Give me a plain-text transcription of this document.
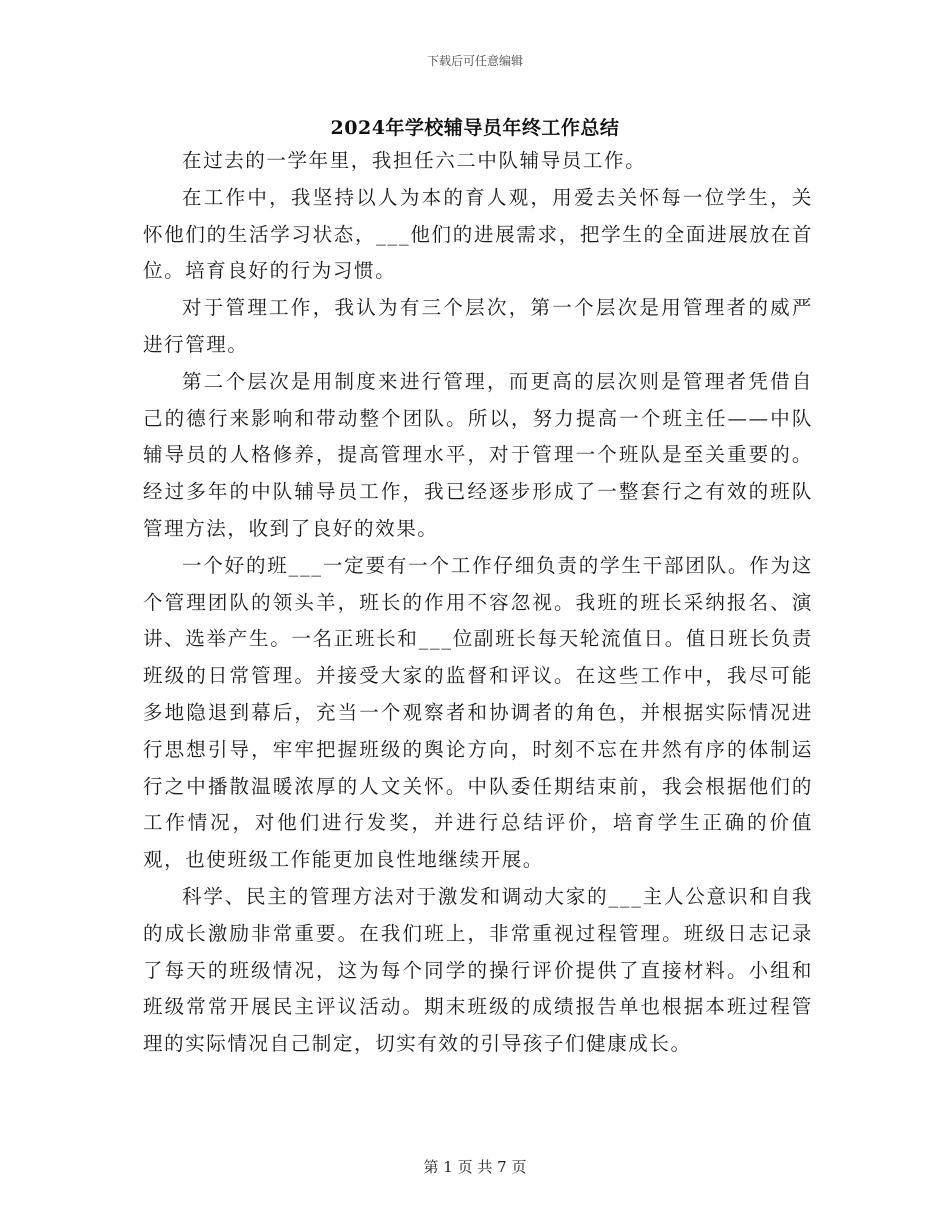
下载后可任意编辑
2024年学校辅导员年终工作总结

在过去的一学年里，我担任六二中队辅导员工作。

在工作中，我坚持以人为本的育人观，用爱去关怀每一位学生，关怀他们的生活学习状态，___他们的进展需求，把学生的全面进展放在首位。培育良好的行为习惯。

对于管理工作，我认为有三个层次，第一个层次是用管理者的威严进行管理。

第二个层次是用制度来进行管理，而更高的层次则是管理者凭借自己的德行来影响和带动整个团队。所以，努力提高一个班主任——中队辅导员的人格修养，提高管理水平，对于管理一个班队是至关重要的。经过多年的中队辅导员工作，我已经逐步形成了一整套行之有效的班队管理方法，收到了良好的效果。

一个好的班___一定要有一个工作仔细负责的学生干部团队。作为这个管理团队的领头羊，班长的作用不容忽视。我班的班长采纳报名、演讲、选举产生。一名正班长和___位副班长每天轮流值日。值日班长负责班级的日常管理。并接受大家的监督和评议。在这些工作中，我尽可能多地隐退到幕后，充当一个观察者和协调者的角色，并根据实际情况进行思想引导，牢牢把握班级的舆论方向，时刻不忘在井然有序的体制运行之中播散温暖浓厚的人文关怀。中队委任期结束前，我会根据他们的工作情况，对他们进行发奖，并进行总结评价，培育学生正确的价值观，也使班级工作能更加良性地继续开展。

科学、民主的管理方法对于激发和调动大家的___主人公意识和自我的成长激励非常重要。在我们班上，非常重视过程管理。班级日志记录了每天的班级情况，这为每个同学的操行评价提供了直接材料。小组和班级常常开展民主评议活动。期末班级的成绩报告单也根据本班过程管理的实际情况自己制定，切实有效的引导孩子们健康成长。

第 1 页 共 7 页
